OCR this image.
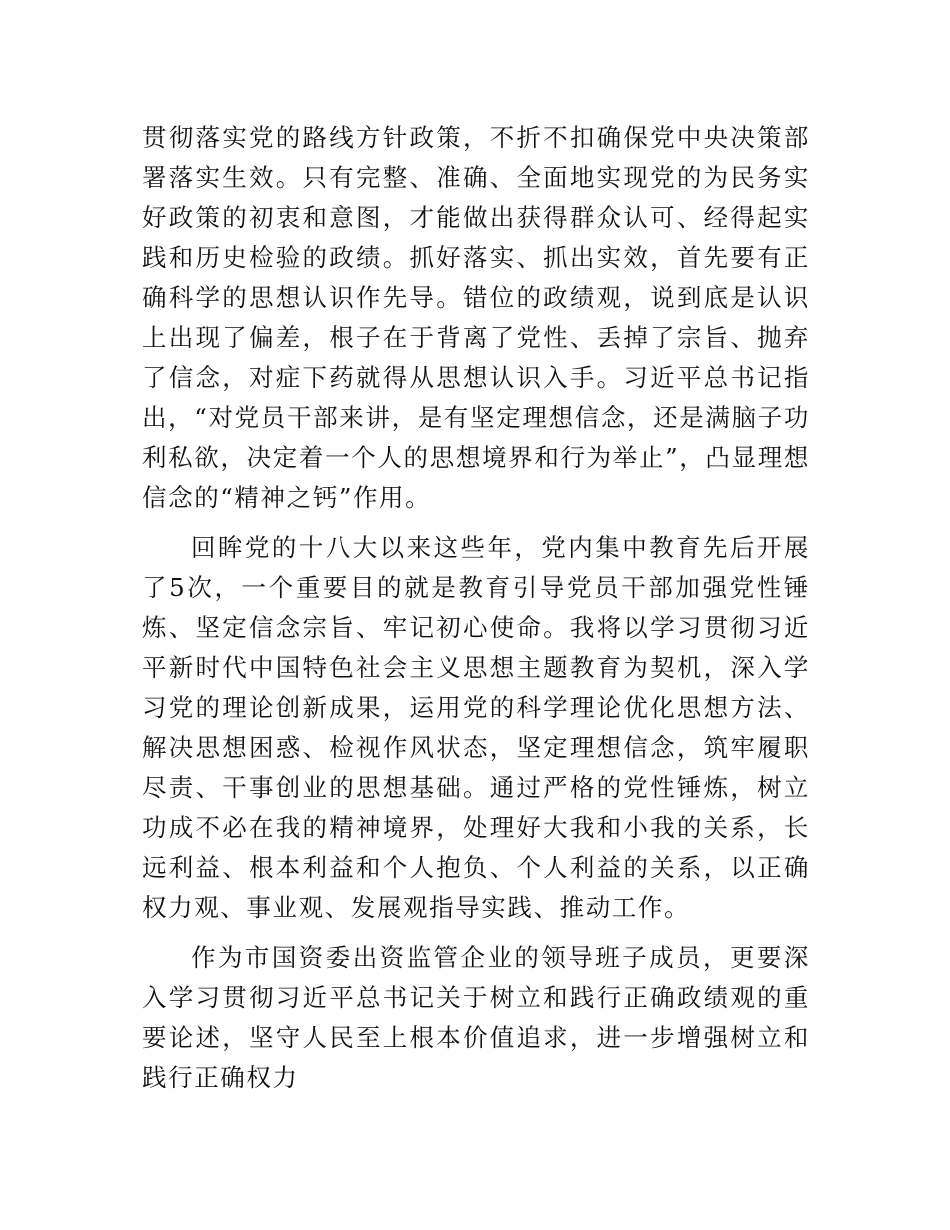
贯彻落实党的路线方针政策，不折不扣确保党中央决策部署落实生效。只有完整、准确、全面地实现党的为民务实好政策的初衷和意图，才能做出获得群众认可、经得起实践和历史检验的政绩。抓好落实、抓出实效，首先要有正确科学的思想认识作先导。错位的政绩观，说到底是认识上出现了偏差，根子在于背离了党性、丢掉了宗旨、抛弃了信念，对症下药就得从思想认识入手。习近平总书记指出，“对党员干部来讲，是有坚定理想信念，还是满脑子功利私欲，决定着一个人的思想境界和行为举止”，凸显理想信念的“精神之钙”作用。

回眸党的十八大以来这些年，党内集中教育先后开展了5次，一个重要目的就是教育引导党员干部加强党性锤炼、坚定信念宗旨、牢记初心使命。我将以学习贯彻习近平新时代中国特色社会主义思想主题教育为契机，深入学习党的理论创新成果，运用党的科学理论优化思想方法、解决思想困惑、检视作风状态，坚定理想信念，筑牢履职尽责、干事创业的思想基础。通过严格的党性锤炼，树立功成不必在我的精神境界，处理好大我和小我的关系，长远利益、根本利益和个人抱负、个人利益的关系，以正确权力观、事业观、发展观指导实践、推动工作。

作为市国资委出资监管企业的领导班子成员，更要深入学习贯彻习近平总书记关于树立和践行正确政绩观的重要论述，坚守人民至上根本价值追求，进一步增强树立和践行正确权力
